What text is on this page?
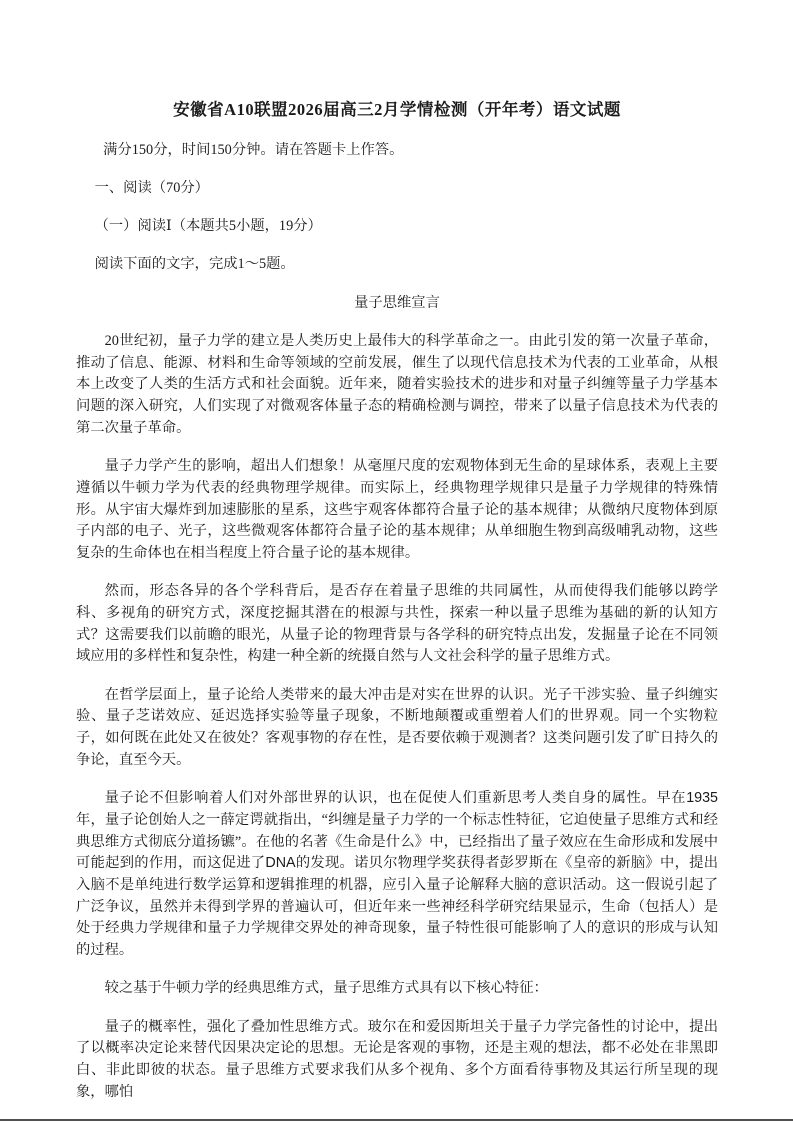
安徽省A10联盟2026届高三2月学情检测（开年考）语文试题

满分150分，时间150分钟。请在答题卡上作答。

一、阅读（70分）

（一）阅读Ⅰ（本题共5小题，19分）

阅读下面的文字，完成1～5题。

量子思维宣言

20世纪初，量子力学的建立是人类历史上最伟大的科学革命之一。由此引发的第一次量子革命，推动了信息、能源、材料和生命等领域的空前发展，催生了以现代信息技术为代表的工业革命，从根本上改变了人类的生活方式和社会面貌。近年来，随着实验技术的进步和对量子纠缠等量子力学基本问题的深入研究，人们实现了对微观客体量子态的精确检测与调控，带来了以量子信息技术为代表的第二次量子革命。

量子力学产生的影响，超出人们想象！从毫厘尺度的宏观物体到无生命的星球体系，表观上主要遵循以牛顿力学为代表的经典物理学规律。而实际上，经典物理学规律只是量子力学规律的特殊情形。从宇宙大爆炸到加速膨胀的星系，这些宇观客体都符合量子论的基本规律；从微纳尺度物体到原子内部的电子、光子，这些微观客体都符合量子论的基本规律；从单细胞生物到高级哺乳动物，这些复杂的生命体也在相当程度上符合量子论的基本规律。

然而，形态各异的各个学科背后，是否存在着量子思维的共同属性，从而使得我们能够以跨学科、多视角的研究方式，深度挖掘其潜在的根源与共性，探索一种以量子思维为基础的新的认知方式？这需要我们以前瞻的眼光，从量子论的物理背景与各学科的研究特点出发，发掘量子论在不同领域应用的多样性和复杂性，构建一种全新的统摄自然与人文社会科学的量子思维方式。

在哲学层面上，量子论给人类带来的最大冲击是对实在世界的认识。光子干涉实验、量子纠缠实验、量子芝诺效应、延迟选择实验等量子现象，不断地颠覆或重塑着人们的世界观。同一个实物粒子，如何既在此处又在彼处？客观事物的存在性，是否要依赖于观测者？这类问题引发了旷日持久的争论，直至今天。

量子论不但影响着人们对外部世界的认识，也在促使人们重新思考人类自身的属性。早在1935年，量子论创始人之一薛定谔就指出，“纠缠是量子力学的一个标志性特征，它迫使量子思维方式和经典思维方式彻底分道扬镳”。在他的名著《生命是什么》中，已经指出了量子效应在生命形成和发展中可能起到的作用，而这促进了DNA的发现。诺贝尔物理学奖获得者彭罗斯在《皇帝的新脑》中，提出入脑不是单纯进行数学运算和逻辑推理的机器，应引入量子论解释大脑的意识活动。这一假说引起了广泛争议，虽然并未得到学界的普遍认可，但近年来一些神经科学研究结果显示，生命（包括人）是处于经典力学规律和量子力学规律交界处的神奇现象，量子特性很可能影响了人的意识的形成与认知的过程。

较之基于牛顿力学的经典思维方式，量子思维方式具有以下核心特征：

量子的概率性，强化了叠加性思维方式。玻尔在和爱因斯坦关于量子力学完备性的讨论中，提出了以概率决定论来替代因果决定论的思想。无论是客观的事物，还是主观的想法，都不必处在非黑即白、非此即彼的状态。量子思维方式要求我们从多个视角、多个方面看待事物及其运行所呈现的现象，哪怕
